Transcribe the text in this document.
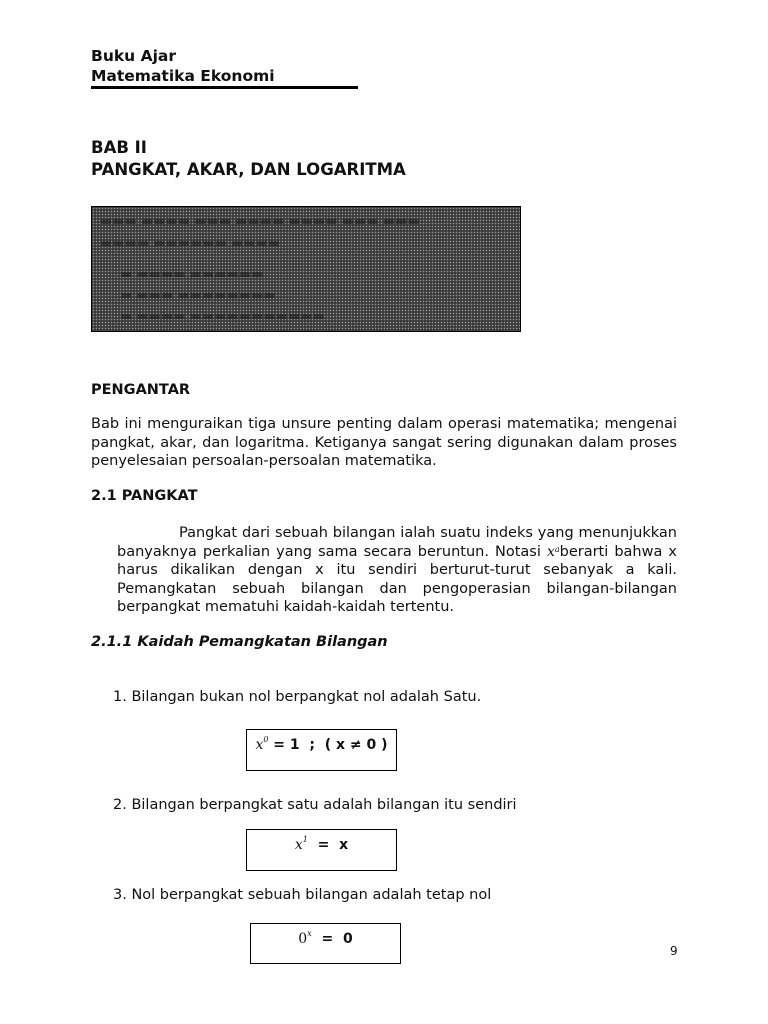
Buku Ajar
Matematika Ekonomi
BAB II
PANGKAT, AKAR, DAN LOGARITMA
▬▬▬ ▬▬▬▬ ▬▬▬ ▬▬▬▬ ▬▬▬▬ ▬▬▬ ▬▬▬
▬▬▬▬ ▬▬▬▬▬▬ ▬▬▬▬
▬ ▬▬▬▬ ▬▬▬▬▬▬
▬ ▬▬▬ ▬▬▬▬▬▬▬▬
▬ ▬▬▬▬ ▬▬▬▬▬▬▬▬▬▬▬
PENGANTAR
Bab ini menguraikan tiga unsure penting dalam operasi matematika; mengenai pangkat, akar, dan logaritma. Ketiganya sangat sering digunakan dalam proses penyelesaian persoalan-persoalan matematika.
2.1 PANGKAT
Pangkat dari sebuah bilangan ialah suatu indeks yang menunjukkan banyaknya perkalian yang sama secara beruntun. Notasi $x^aberarti$ bahwa x harus dikalikan dengan x itu sendiri berturut-turut sebanyak a kali. Pemangkatan sebuah bilangan dan pengoperasian bilangan-bilangan berpangkat mematuhi kaidah-kaidah tertentu.
2.1.1 Kaidah Pemangkatan Bilangan
1. Bilangan bukan nol berpangkat nol adalah Satu.
$x^0 = 1$  ;  ( x ≠ 0 )
2. Bilangan berpangkat satu adalah bilangan itu sendiri
$x^1 = x$
3. Nol berpangkat sebuah bilangan adalah tetap nol
$0^x = 0$
9
